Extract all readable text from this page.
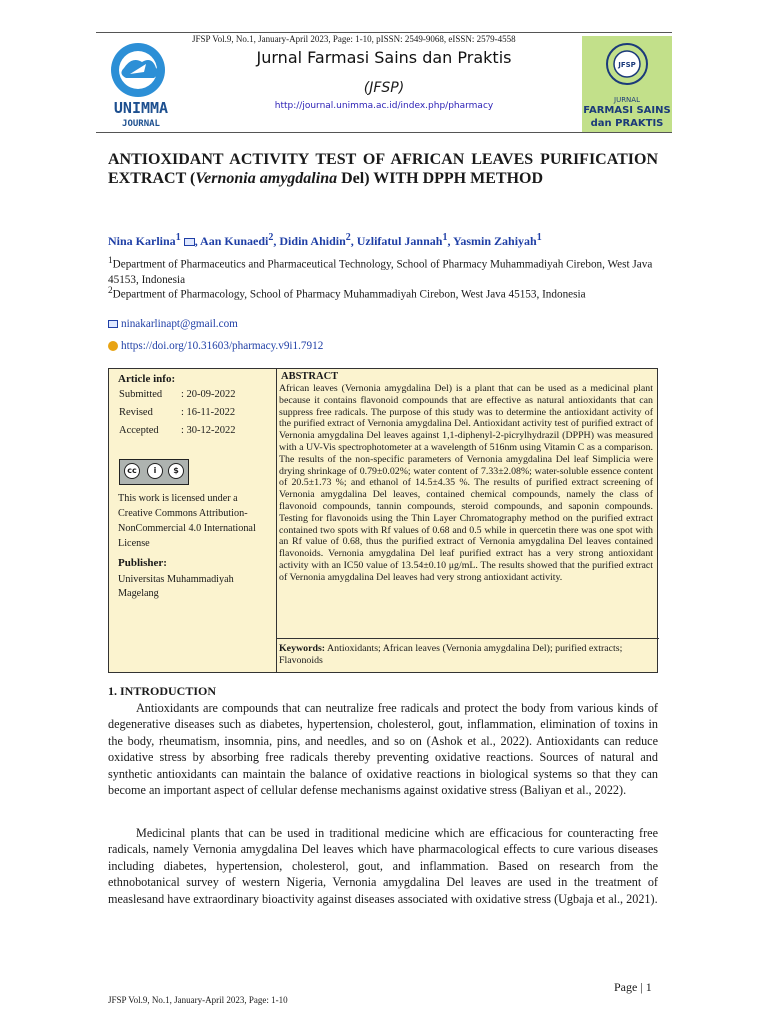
JFSP Vol.9, No.1, January-April 2023, Page: 1-10, pISSN: 2549-9068, eISSN: 2579-4558
UNIMMA
JOURNAL
Jurnal Farmasi Sains dan Praktis
(JFSP)
http://journal.unimma.ac.id/index.php/pharmacy
JFSP
JURNAL
FARMASI SAINS
dan PRAKTIS
ANTIOXIDANT ACTIVITY TEST OF AFRICAN LEAVES PURIFICATION EXTRACT (Vernonia amygdalina Del) WITH DPPH METHOD
Nina Karlina$^1$ , Aan Kunaedi$^2$, Didin Ahidin$^2$, Uzlifatul Jannah$^1$, Yasmin Zahiyah$^1$
$^1$Department of Pharmaceutics and Pharmaceutical Technology, School of Pharmacy Muhammadiyah Cirebon, West Java 45153, Indonesia
$^2$Department of Pharmacology, School of Pharmacy Muhammadiyah Cirebon, West Java 45153, Indonesia
ninakarlinapt@gmail.com
https://doi.org/10.31603/pharmacy.v9i1.7912
Article info:
Submitted : 20-09-2022
Revised	: 16-11-2022
Accepted : 30-12-2022
cc	i	$
This work is licensed under a Creative Commons Attribution-NonCommercial 4.0 International License
Publisher:
Universitas Muhammadiyah Magelang
ABSTRACT
African leaves (Vernonia amygdalina Del) is a plant that can be used as a medicinal plant because it contains flavonoid compounds that are effective as natural antioxidants that can suppress free radicals. The purpose of this study was to determine the antioxidant activity of the purified extract of Vernonia amygdalina Del. Antioxidant activity test of purified extract of Vernonia amygdalina Del leaves against 1,1-diphenyl-2-picrylhydrazil (DPPH) was measured with a UV-Vis spectrophotometer at a wavelength of 516nm using Vitamin C as a comparison. The results of the non-specific parameters of Vernonia amygdalina Del leaf Simplicia were drying shrinkage of 0.79±0.02%; water content of 7.33±2.08%; water-soluble essence content of 20.5±1.73 %; and ethanol of 14.5±4.35 %. The results of purified extract screening of Vernonia amygdalina Del leaves, contained chemical compounds, namely the class of flavonoid compounds, tannin compounds, steroid compounds, and saponin compounds. Testing for flavonoids using the Thin Layer Chromatography method on the purified extract contained two spots with Rf values of 0.68 and 0.5 while in quercetin there was one spot with an Rf value of 0.68, thus the purified extract of Vernonia amygdalina Del leaves contained flavonoids. Vernonia amygdalina Del leaf purified extract has a very strong antioxidant activity with an IC50 value of 13.54±0.10 μg/mL. The results showed that the purified extract of Vernonia amygdalina Del leaves had very strong antioxidant activity.
Keywords: Antioxidants; African leaves (Vernonia amygdalina Del); purified extracts; Flavonoids
1. INTRODUCTION
Antioxidants are compounds that can neutralize free radicals and protect the body from various kinds of degenerative diseases such as diabetes, hypertension, cholesterol, gout, inflammation, elimination of toxins in the body, rheumatism, insomnia, pins, and needles, and so on (Ashok et al., 2022). Antioxidants can reduce oxidative stress by absorbing free radicals thereby preventing oxidative reactions. Sources of natural and synthetic antioxidants can maintain the balance of oxidative reactions in biological systems so that they can become an important aspect of cellular defense mechanisms against oxidative stress (Baliyan et al., 2022).
Medicinal plants that can be used in traditional medicine which are efficacious for counteracting free radicals, namely Vernonia amygdalina Del leaves which have pharmacological effects to cure various diseases including diabetes, hypertension, cholesterol, gout, and inflammation. Based on research from the ethnobotanical survey of western Nigeria, Vernonia amygdalina Del leaves are used in the treatment of measlesand have extraordinary bioactivity against diseases associated with oxidative stress (Ugbaja et al., 2021).
Page | 1
JFSP Vol.9, No.1, January-April 2023, Page: 1-10
